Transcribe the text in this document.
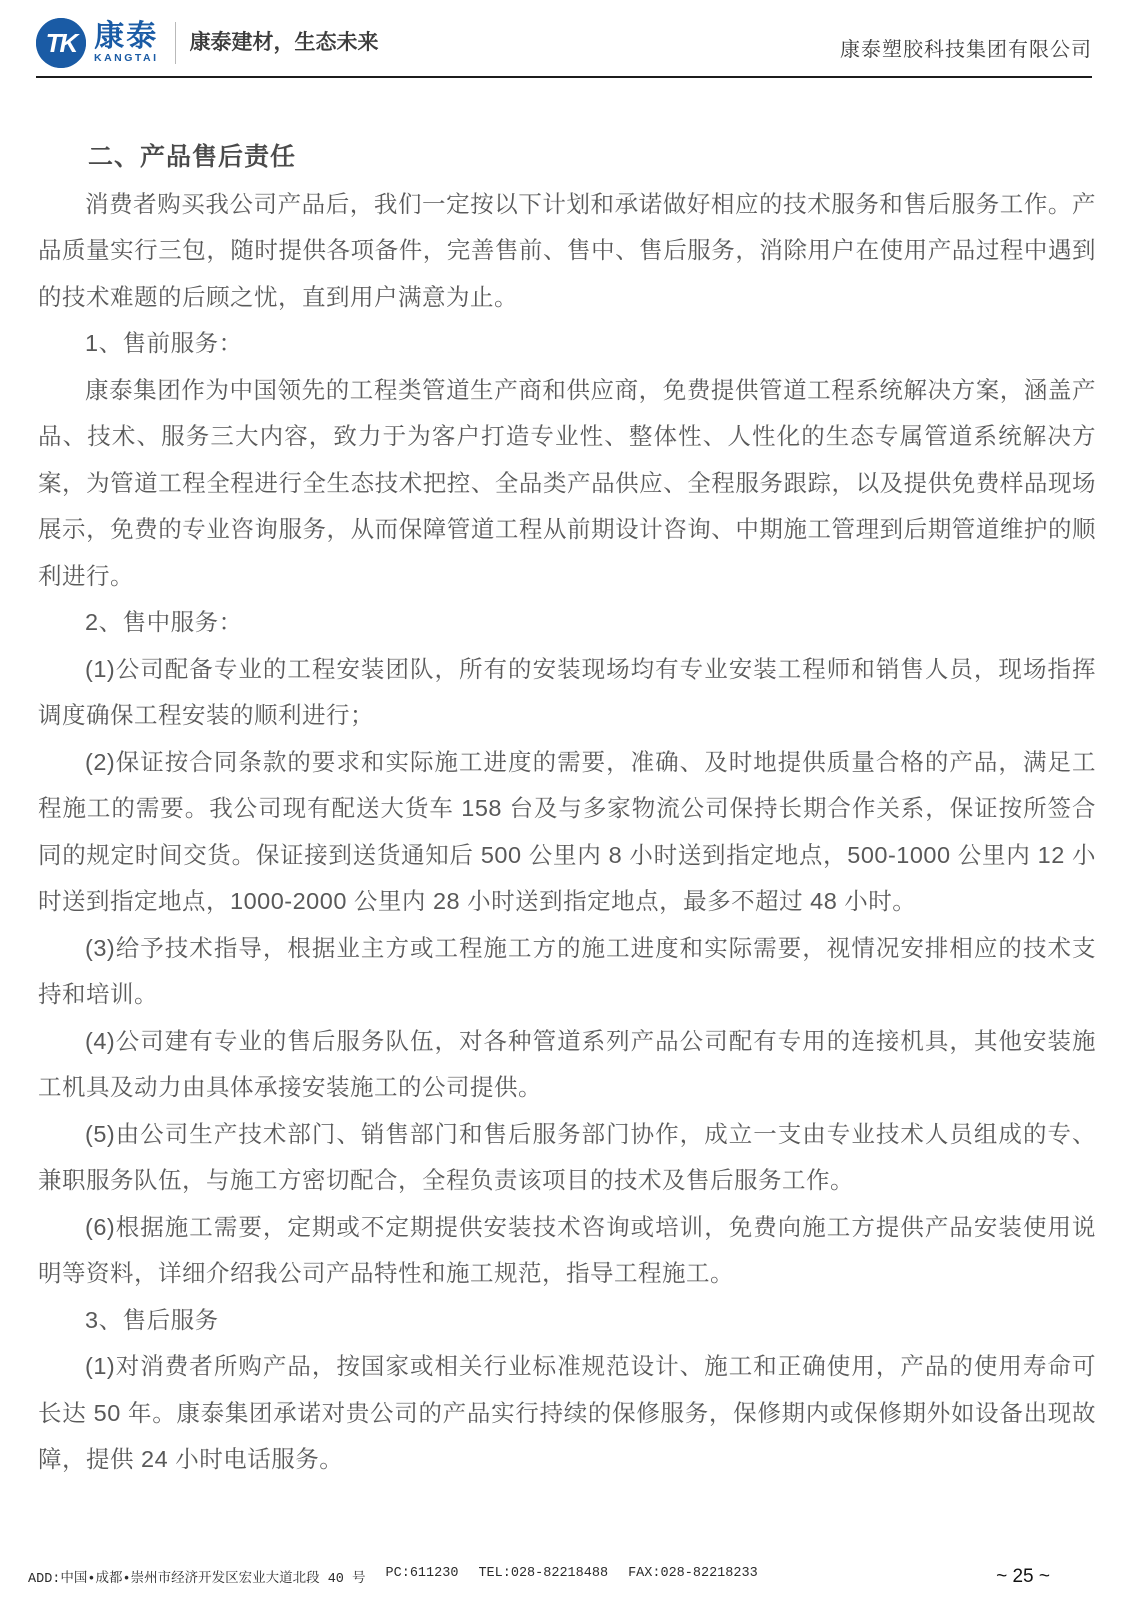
TK 康泰
KANGTAI
康泰建材，生态未来	康泰塑胶科技集团有限公司

二、产品售后责任

消费者购买我公司产品后，我们一定按以下计划和承诺做好相应的技术服务和售后服务工作。产品质量实行三包，随时提供各项备件，完善售前、售中、售后服务，消除用户在使用产品过程中遇到的技术难题的后顾之忧，直到用户满意为止。

1、售前服务：

康泰集团作为中国领先的工程类管道生产商和供应商，免费提供管道工程系统解决方案，涵盖产品、技术、服务三大内容，致力于为客户打造专业性、整体性、人性化的生态专属管道系统解决方案，为管道工程全程进行全生态技术把控、全品类产品供应、全程服务跟踪，以及提供免费样品现场展示，免费的专业咨询服务，从而保障管道工程从前期设计咨询、中期施工管理到后期管道维护的顺利进行。

2、售中服务：

(1)公司配备专业的工程安装团队，所有的安装现场均有专业安装工程师和销售人员，现场指挥调度确保工程安装的顺利进行；

(2)保证按合同条款的要求和实际施工进度的需要，准确、及时地提供质量合格的产品，满足工程施工的需要。我公司现有配送大货车 158 台及与多家物流公司保持长期合作关系，保证按所签合同的规定时间交货。保证接到送货通知后 500 公里内 8 小时送到指定地点，500-1000 公里内 12 小时送到指定地点，1000-2000 公里内 28 小时送到指定地点，最多不超过 48 小时。

(3)给予技术指导，根据业主方或工程施工方的施工进度和实际需要，视情况安排相应的技术支持和培训。

(4)公司建有专业的售后服务队伍，对各种管道系列产品公司配有专用的连接机具，其他安装施工机具及动力由具体承接安装施工的公司提供。

(5)由公司生产技术部门、销售部门和售后服务部门协作，成立一支由专业技术人员组成的专、兼职服务队伍，与施工方密切配合，全程负责该项目的技术及售后服务工作。

(6)根据施工需要，定期或不定期提供安装技术咨询或培训，免费向施工方提供产品安装使用说明等资料，详细介绍我公司产品特性和施工规范，指导工程施工。

3、售后服务

(1)对消费者所购产品，按国家或相关行业标准规范设计、施工和正确使用，产品的使用寿命可长达 50 年。康泰集团承诺对贵公司的产品实行持续的保修服务，保修期内或保修期外如设备出现故障，提供 24 小时电话服务。

ADD:中国•成都•崇州市经济开发区宏业大道北段 40 号 PC:611230 TEL:028-82218488 FAX:028-82218233	~ 25 ~
